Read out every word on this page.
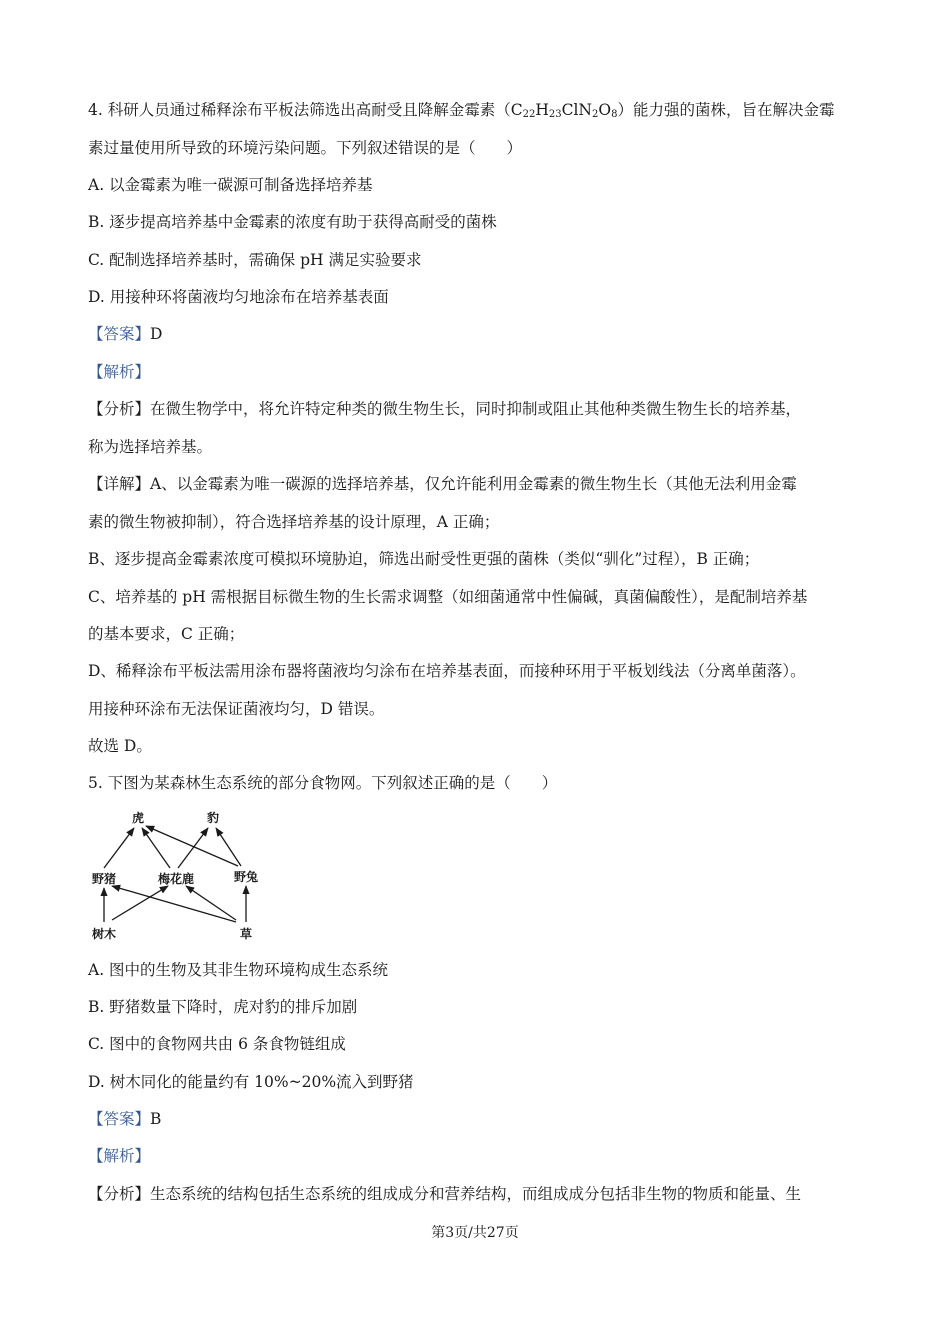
4. 科研人员通过稀释涂布平板法筛选出高耐受且降解金霉素$(C_{22}H_{23}ClN_2O_8)$能力强的菌株，旨在解决金霉
素过量使用所导致的环境污染问题。下列叙述错误的是（　　）
A. 以金霉素为唯一碳源可制备选择培养基
B. 逐步提高培养基中金霉素的浓度有助于获得高耐受的菌株
C. 配制选择培养基时，需确保 pH 满足实验要求
D. 用接种环将菌液均匀地涂布在培养基表面
【答案】D
【解析】
【分析】在微生物学中，将允许特定种类的微生物生长，同时抑制或阻止其他种类微生物生长的培养基，
称为选择培养基。
【详解】A、以金霉素为唯一碳源的选择培养基，仅允许能利用金霉素的微生物生长（其他无法利用金霉
素的微生物被抑制），符合选择培养基的设计原理，A 正确；
B、逐步提高金霉素浓度可模拟环境胁迫，筛选出耐受性更强的菌株（类似“驯化”过程），B 正确；
C、培养基的 pH 需根据目标微生物的生长需求调整（如细菌通常中性偏碱，真菌偏酸性），是配制培养基
的基本要求，C 正确；
D、稀释涂布平板法需用涂布器将菌液均匀涂布在培养基表面，而接种环用于平板划线法（分离单菌落）。
用接种环涂布无法保证菌液均匀，D 错误。
故选 D。
5. 下图为某森林生态系统的部分食物网。下列叙述正确的是（　　）
虎	豹
野猪	梅花鹿	野兔
树木	草
A. 图中的生物及其非生物环境构成生态系统
B. 野猪数量下降时，虎对豹的排斥加剧
C. 图中的食物网共由 6 条食物链组成
D. 树木同化的能量约有 10%~20%流入到野猪
【答案】B
【解析】
【分析】生态系统的结构包括生态系统的组成成分和营养结构，而组成成分包括非生物的物质和能量、生
第3页/共27页
